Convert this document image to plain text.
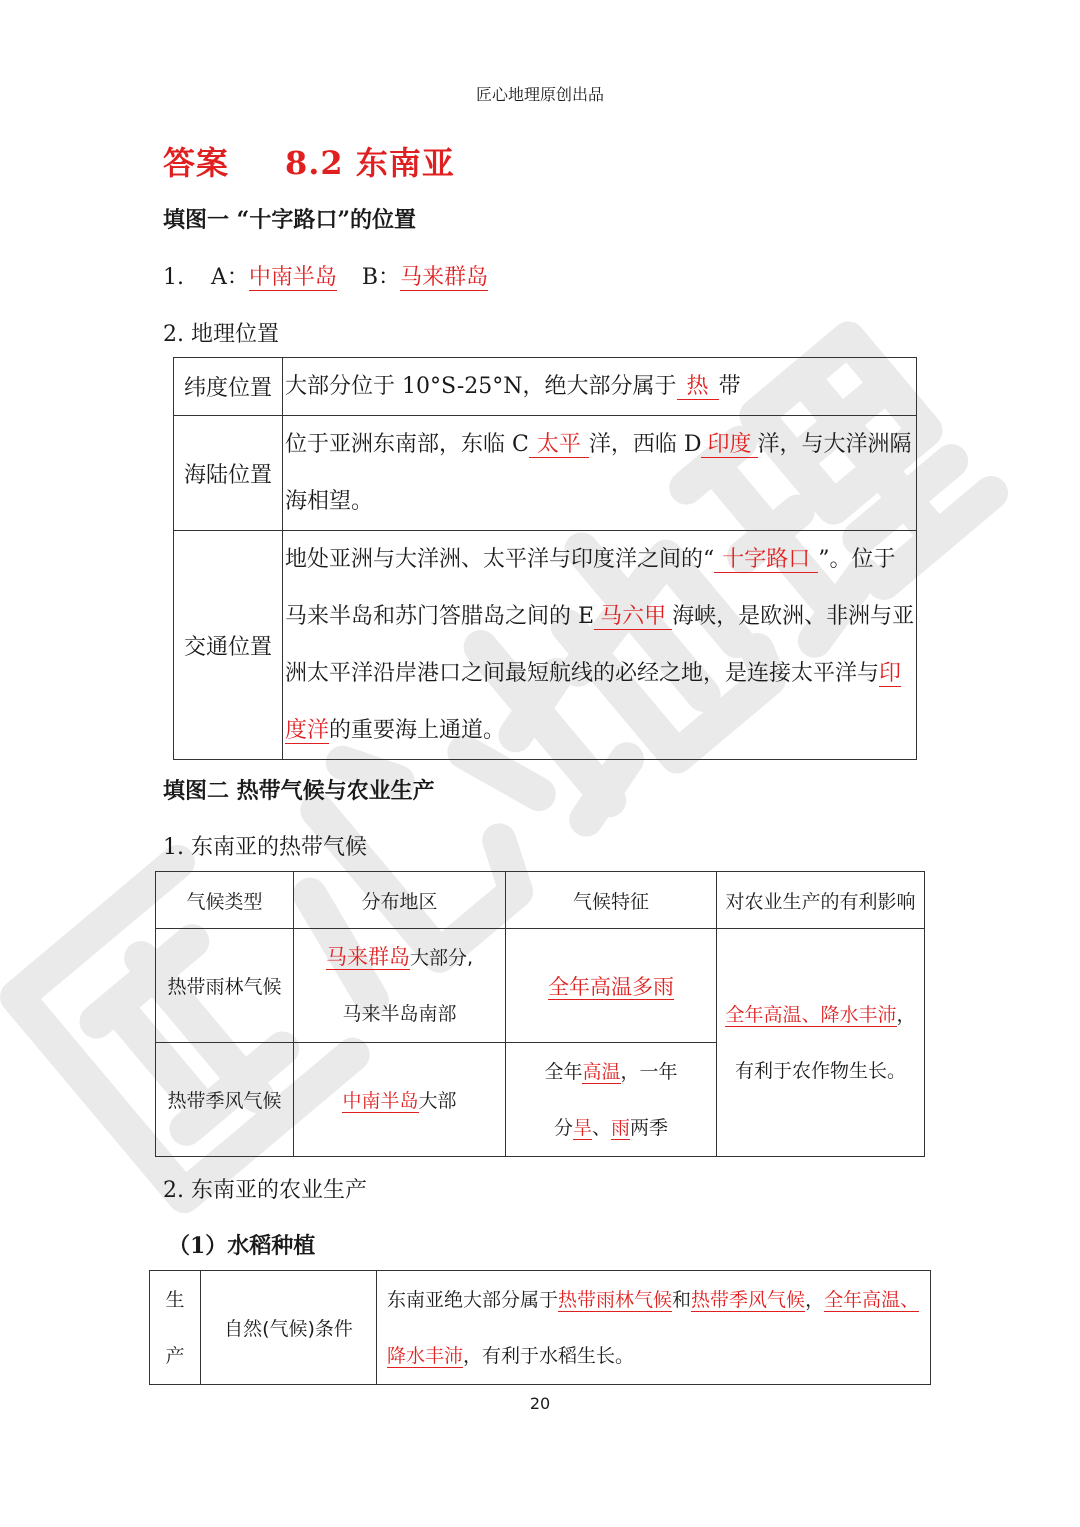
匠心地理原创出品
答案 8.2 东南亚
填图一 “十字路口”的位置
1. A：中南半岛 B：马来群岛
2. 地理位置
纬度位置	大部分位于 10°S-25°N，绝大部分属于 热 带
海陆位置	位于亚洲东南部，东临 C 太平 洋，西临 D 印度 洋，与大洋洲隔海相望。
交通位置	地处亚洲与大洋洲、太平洋与印度洋之间的“ 十字路口 ”。位于马来半岛和苏门答腊岛之间的 E 马六甲 海峡，是欧洲、非洲与亚洲太平洋沿岸港口之间最短航线的必经之地，是连接太平洋与印度洋的重要海上通道。
填图二 热带气候与农业生产
1. 东南亚的热带气候
气候类型	分布地区	气候特征	对农业生产的有利影响
热带雨林气候	马来群岛大部分,
马来半岛南部	全年高温多雨	全年高温、降水丰沛，
有利于农作物生长。
热带季风气候	中南半岛大部	全年高温，一年
分旱、雨两季	
2. 东南亚的农业生产
（1）水稻种植
生
产	自然(气候)条件	东南亚绝大部分属于热带雨林气候和热带季风气候，全年高温、
降水丰沛，有利于水稻生长。
20
